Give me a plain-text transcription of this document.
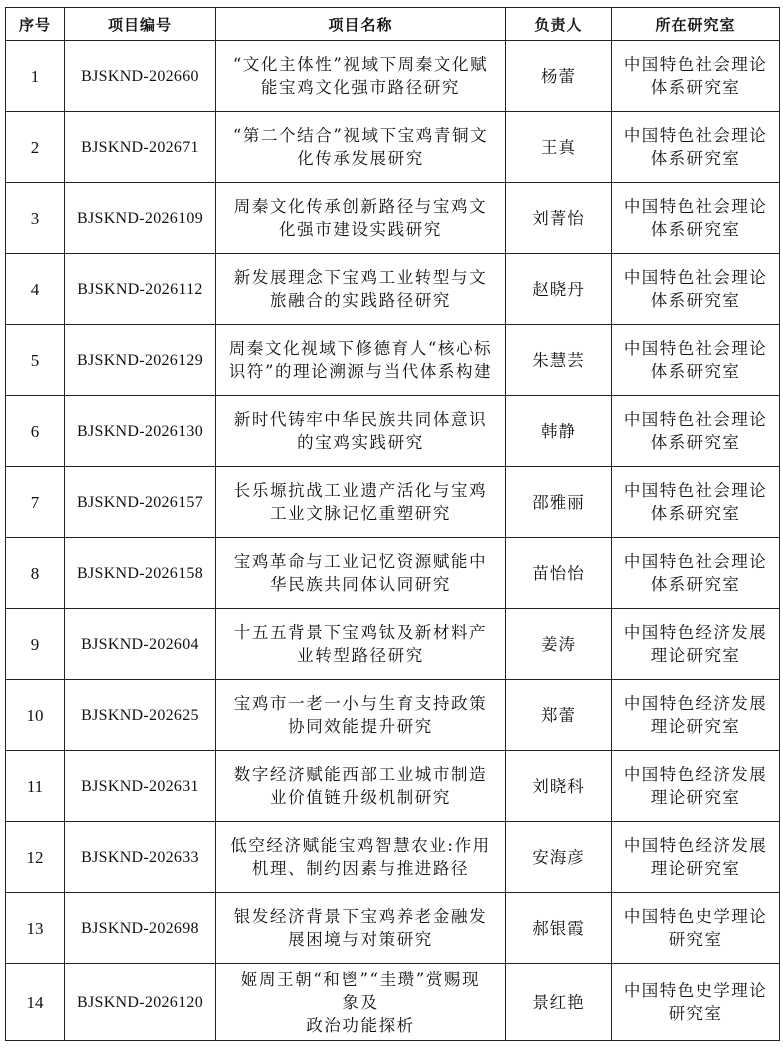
序号	项目编号	项目名称	负责人	所在研究室
1	BJSKND-202660	“文化主体性”视域下周秦文化赋
能宝鸡文化强市路径研究	杨蕾	中国特色社会理论
体系研究室

2	BJSKND-202671	“第二个结合”视域下宝鸡青铜文
化传承发展研究	王真	中国特色社会理论
体系研究室

3	BJSKND-2026109	周秦文化传承创新路径与宝鸡文
化强市建设实践研究	刘菁怡	中国特色社会理论
体系研究室

4	BJSKND-2026112	新发展理念下宝鸡工业转型与文
旅融合的实践路径研究	赵晓丹	中国特色社会理论
体系研究室

5	BJSKND-2026129	周秦文化视域下修德育人“核心标
识符”的理论溯源与当代体系构建	朱慧芸	中国特色社会理论
体系研究室

6	BJSKND-2026130	新时代铸牢中华民族共同体意识
的宝鸡实践研究	韩静	中国特色社会理论
体系研究室

7	BJSKND-2026157	长乐塬抗战工业遗产活化与宝鸡
工业文脉记忆重塑研究	邵雅丽	中国特色社会理论
体系研究室

8	BJSKND-2026158	宝鸡革命与工业记忆资源赋能中
华民族共同体认同研究	苗怡怡	中国特色社会理论
体系研究室

9	BJSKND-202604	十五五背景下宝鸡钛及新材料产
业转型路径研究	姜涛	中国特色经济发展
理论研究室

10	BJSKND-202625	宝鸡市一老一小与生育支持政策
协同效能提升研究	郑蕾	中国特色经济发展
理论研究室

11	BJSKND-202631	数字经济赋能西部工业城市制造
业价值链升级机制研究	刘晓科	中国特色经济发展
理论研究室

12	BJSKND-202633	低空经济赋能宝鸡智慧农业:作用
机理、制约因素与推进路径	安海彦	中国特色经济发展
理论研究室

13	BJSKND-202698	银发经济背景下宝鸡养老金融发
展困境与对策研究	郝银霞	中国特色史学理论
研究室

14	BJSKND-2026120	姬周王朝“和鬯”“圭瓒”赏赐现
象及
政治功能探析	景红艳	中国特色史学理论
研究室
